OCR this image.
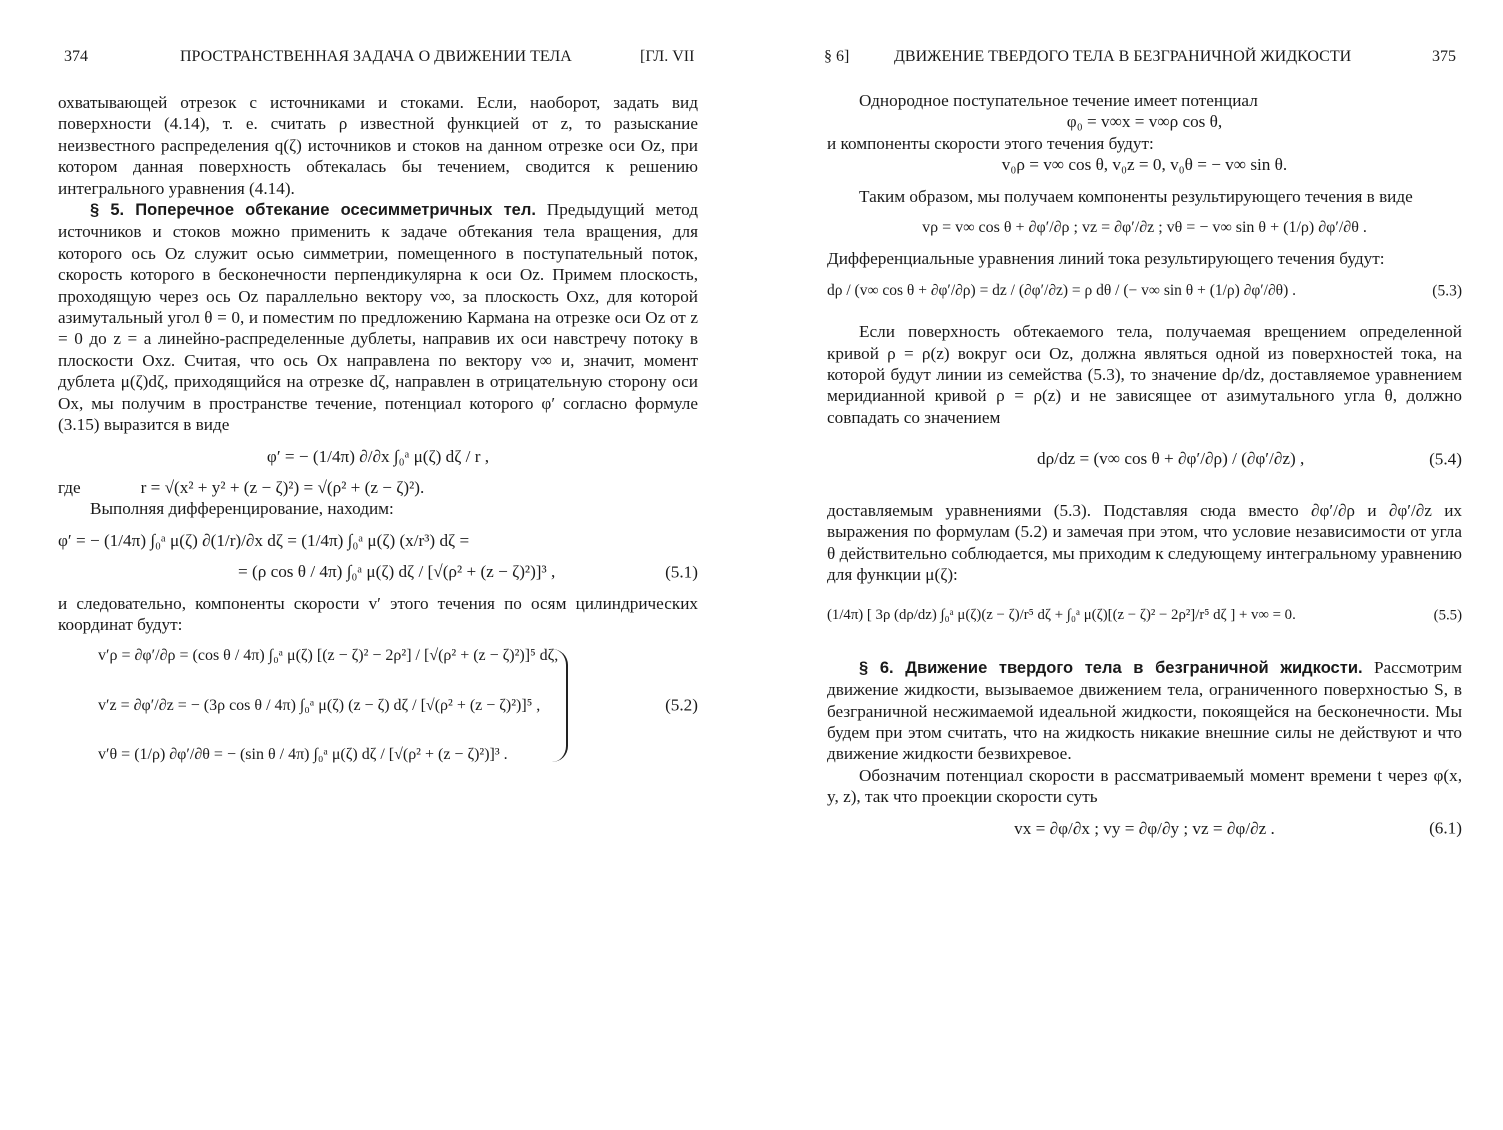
374	ПРОСТРАНСТВЕННАЯ ЗАДАЧА О ДВИЖЕНИИ ТЕЛА	[ГЛ. VII

охватывающей отрезок с источниками и стоками. Если, наоборот, задать вид поверхности (4.14), т. е. считать ρ известной функцией от z, то разыскание неизвестного распределения q(ζ) источников и стоков на данном отрезке оси Oz, при котором данная поверхность обтекалась бы течением, сводится к решению интегрального уравнения (4.14).

§ 5. Поперечное обтекание осесимметричных тел. Предыдущий метод источников и стоков можно применить к задаче обтекания тела вращения, для которого ось Oz служит осью симметрии, помещенного в поступательный поток, скорость которого в бесконечности перпендикулярна к оси Oz. Примем плоскость, проходящую через ось Oz параллельно вектору v∞, за плоскость Oxz, для которой азимутальный угол θ = 0, и поместим по предложению Кармана на отрезке оси Oz от z = 0 до z = a линейно-распределенные дублеты, направив их оси навстречу потоку в плоскости Oxz. Считая, что ось Ox направлена по вектору v∞ и, значит, момент дублета μ(ζ)dζ, приходящийся на отрезке dζ, направлен в отрицательную сторону оси Ox, мы получим в пространстве течение, потенциал которого φ′ согласно формуле (3.15) выразится в виде

φ′ = − (1/4π) ∂/∂x ∫₀ᵃ μ(ζ) dζ / r ,
где	r = √(x² + y² + (z − ζ)²) = √(ρ² + (z − ζ)²).

Выполняя дифференцирование, находим:

φ′ = − (1/4π) ∫₀ᵃ μ(ζ) ∂(1/r)/∂x dζ = (1/4π) ∫₀ᵃ μ(ζ) (x/r³) dζ =
= (ρ cos θ / 4π) ∫₀ᵃ μ(ζ) dζ / [√(ρ² + (z − ζ)²)]³ ,	(5.1)

и следовательно, компоненты скорости v′ этого течения по осям цилиндрических координат будут:

v′ρ = ∂φ′/∂ρ = (cos θ / 4π) ∫₀ᵃ μ(ζ) [(z − ζ)² − 2ρ²] / [√(ρ² + (z − ζ)²)]⁵ dζ,
v′z = ∂φ′/∂z = − (3ρ cos θ / 4π) ∫₀ᵃ μ(ζ) (z − ζ) dζ / [√(ρ² + (z − ζ)²)]⁵ ,
v′θ = (1/ρ) ∂φ′/∂θ = − (sin θ / 4π) ∫₀ᵃ μ(ζ) dζ / [√(ρ² + (z − ζ)²)]³ .
(5.2)
§ 6]	ДВИЖЕНИЕ ТВЕРДОГО ТЕЛА В БЕЗГРАНИЧНОЙ ЖИДКОСТИ	375

Однородное поступательное течение имеет потенциал

φ₀ = v∞x = v∞ρ cos θ,

и компоненты скорости этого течения будут:

v₀ρ = v∞ cos θ, v₀z = 0, v₀θ = − v∞ sin θ.

Таким образом, мы получаем компоненты результирующего течения в виде

vρ = v∞ cos θ + ∂φ′/∂ρ ; vz = ∂φ′/∂z ; vθ = − v∞ sin θ + (1/ρ) ∂φ′/∂θ .

Дифференциальные уравнения линий тока результирующего течения будут:

dρ / (v∞ cos θ + ∂φ′/∂ρ) = dz / (∂φ′/∂z) = ρ dθ / (− v∞ sin θ + (1/ρ) ∂φ′/∂θ) .	(5.3)

Если поверхность обтекаемого тела, получаемая врещением определенной кривой ρ = ρ(z) вокруг оси Oz, должна являться одной из поверхностей тока, на которой будут линии из семейства (5.3), то значение dρ/dz, доставляемое уравнением меридианной кривой ρ = ρ(z) и не зависящее от азимутального угла θ, должно совпадать со значением

dρ/dz = (v∞ cos θ + ∂φ′/∂ρ) / (∂φ′/∂z) ,	(5.4)

доставляемым уравнениями (5.3). Подставляя сюда вместо ∂φ′/∂ρ и ∂φ′/∂z их выражения по формулам (5.2) и замечая при этом, что условие независимости от угла θ действительно соблюдается, мы приходим к следующему интегральному уравнению для функции μ(ζ):

(1/4π) [ 3ρ (dρ/dz) ∫₀ᵃ μ(ζ)(z − ζ)/r⁵ dζ + ∫₀ᵃ μ(ζ)[(z − ζ)² − 2ρ²]/r⁵ dζ ] + v∞ = 0.	(5.5)

§ 6. Движение твердого тела в безграничной жидкости. Рассмотрим движение жидкости, вызываемое движением тела, ограниченного поверхностью S, в безграничной несжимаемой идеальной жидкости, покоящейся на бесконечности. Мы будем при этом считать, что на жидкость никакие внешние силы не действуют и что движение жидкости безвихревое.

Обозначим потенциал скорости в рассматриваемый момент времени t через φ(x, y, z), так что проекции скорости суть

vx = ∂φ/∂x ; vy = ∂φ/∂y ; vz = ∂φ/∂z .	(6.1)
